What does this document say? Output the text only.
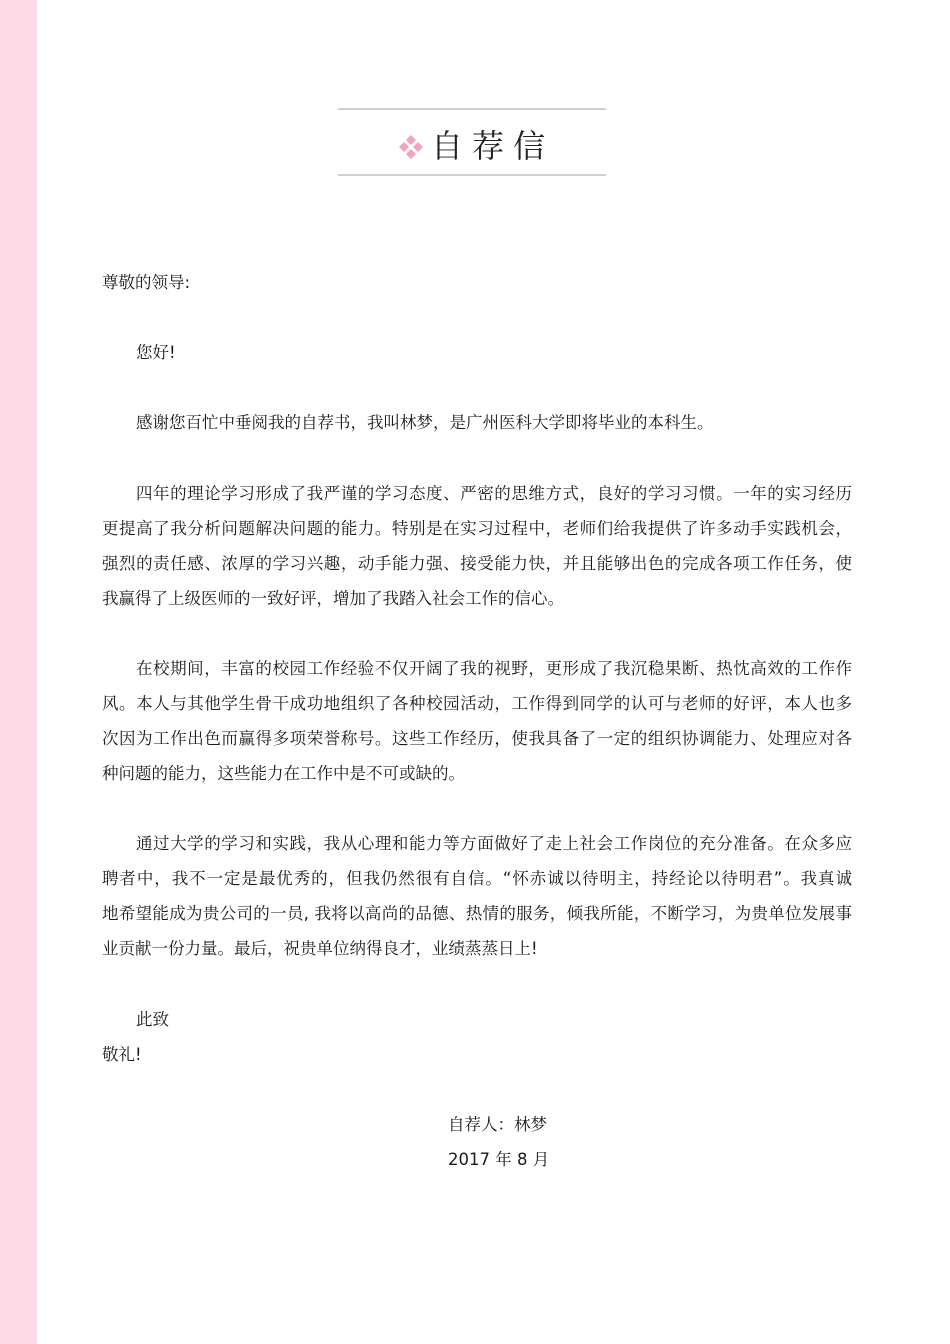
自荐信
尊敬的领导:
您好!
感谢您百忙中垂阅我的自荐书，我叫林梦，是广州医科大学即将毕业的本科生。
四年的理论学习形成了我严谨的学习态度、严密的思维方式，良好的学习习惯。一年的实习经历
更提高了我分析问题解决问题的能力。特别是在实习过程中，老师们给我提供了许多动手实践机会，
强烈的责任感、浓厚的学习兴趣，动手能力强、接受能力快，并且能够出色的完成各项工作任务，使
我赢得了上级医师的一致好评，增加了我踏入社会工作的信心。
在校期间，丰富的校园工作经验不仅开阔了我的视野，更形成了我沉稳果断、热忱高效的工作作
风。本人与其他学生骨干成功地组织了各种校园活动，工作得到同学的认可与老师的好评，本人也多
次因为工作出色而赢得多项荣誉称号。这些工作经历，使我具备了一定的组织协调能力、处理应对各
种问题的能力，这些能力在工作中是不可或缺的。
通过大学的学习和实践，我从心理和能力等方面做好了走上社会工作岗位的充分准备。在众多应
聘者中，我不一定是最优秀的，但我仍然很有自信。“怀赤诚以待明主，持经论以待明君”。我真诚
地希望能成为贵公司的一员, 我将以高尚的品德、热情的服务，倾我所能，不断学习，为贵单位发展事
业贡献一份力量。最后，祝贵单位纳得良才，业绩蒸蒸日上!
此致
敬礼!
自荐人：林梦
2017 年 8 月
